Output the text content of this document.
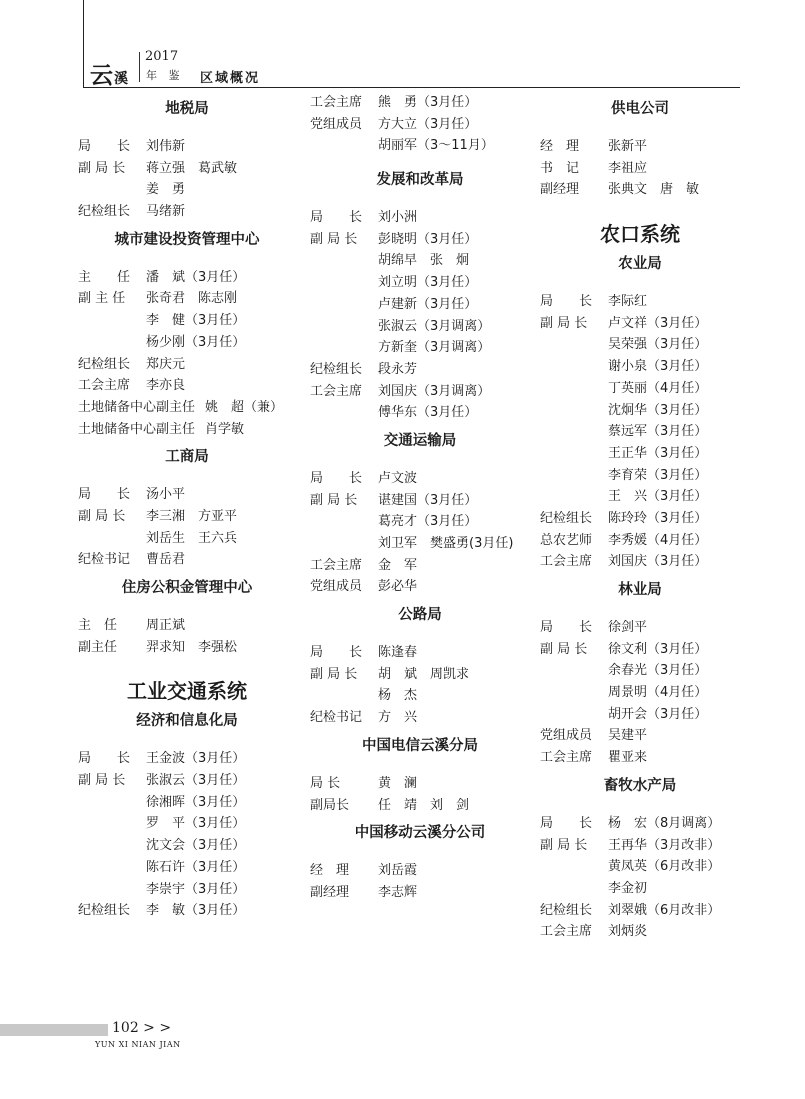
云溪
2017
年 鉴 区域概况
地税局
局　　长 刘伟新
副 局 长 蒋立强　葛武敏
姜　勇
纪检组长 马绪新
城市建设投资管理中心
主　　任 潘　斌（3月任）
副 主 任 张奇君　陈志刚
李　健（3月任）
杨少刚（3月任）
纪检组长 郑庆元
工会主席 李亦良
土地储备中心副主任 姚　超（兼）
土地储备中心副主任 肖学敏
工商局
局　　长 汤小平
副 局 长 李三湘　方亚平
刘岳生　王六兵
纪检书记 曹岳君
住房公积金管理中心
主　任 周正斌
副主任 羿求知　李强松
工业交通系统
经济和信息化局
局　　长 王金波（3月任）
副 局 长 张淑云（3月任）
徐湘晖（3月任）
罗　平（3月任）
沈文会（3月任）
陈石许（3月任）
李崇宇（3月任）
纪检组长 李　敏（3月任）
工会主席 熊　勇（3月任）
党组成员 方大立（3月任）
胡丽军（3～11月）
发展和改革局
局　　长 刘小洲
副 局 长 彭晓明（3月任）
胡绵早　张　炯
刘立明（3月任）
卢建新（3月任）
张淑云（3月调离）
方新奎（3月调离）
纪检组长 段永芳
工会主席 刘国庆（3月调离）
傅华东（3月任）
交通运输局
局　　长 卢文波
副 局 长 谌建国（3月任）
葛亮才（3月任）
刘卫军　樊盛勇(3月任)
工会主席 金　军
党组成员 彭必华
公路局
局　　长 陈逢春
副 局 长 胡　斌　周凯求
杨　杰
纪检书记 方　兴
中国电信云溪分局
局 长	黄　澜
副局长 任　靖　刘　剑
中国移动云溪分公司
经　理 刘岳霞
副经理 李志辉
供电公司
经　理 张新平
书　记 李祖应
副经理 张典文　唐　敏
农口系统
农业局
局　　长 李际红
副 局 长 卢文祥（3月任）
吴荣强（3月任）
谢小泉（3月任）
丁英丽（4月任）
沈炯华（3月任）
蔡远军（3月任）
王正华（3月任）
李育荣（3月任）
王　兴（3月任）
纪检组长 陈玲玲（3月任）
总农艺师 李秀媛（4月任）
工会主席 刘国庆（3月任）
林业局
局　　长 徐剑平
副 局 长 徐文利（3月任）
余春光（3月任）
周景明（4月任）
胡开会（3月任）
党组成员 吴建平
工会主席 瞿亚来
畜牧水产局
局　　长 杨　宏（8月调离）
副 局 长 王再华（3月改非）
黄凤英（6月改非）
李金初
纪检组长 刘翠娥（6月改非）
工会主席 刘炳炎
102 > >
YUN XI NIAN JIAN
